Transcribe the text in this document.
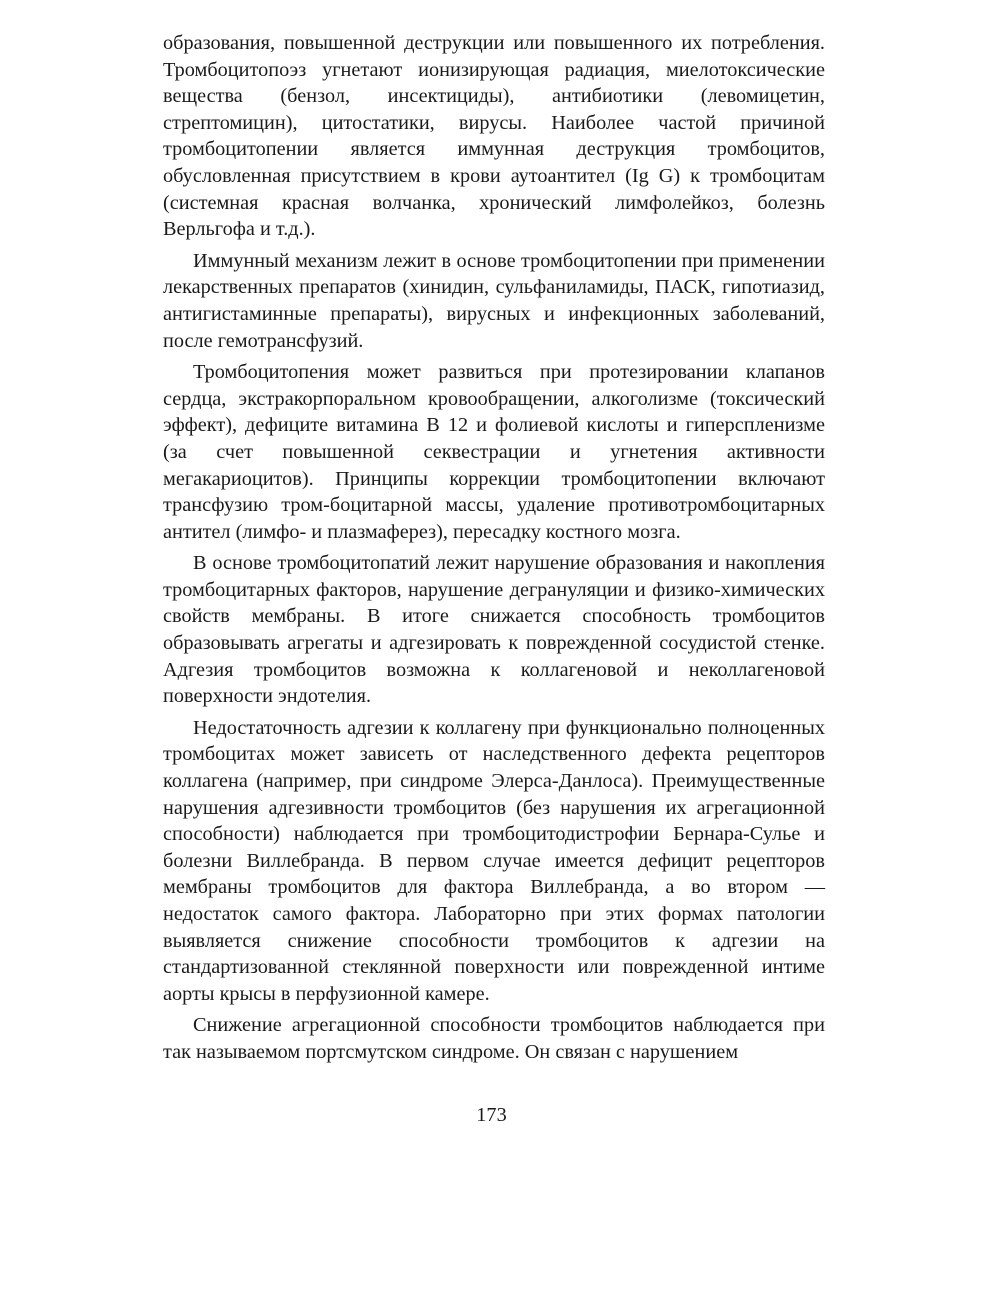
образования, повышенной деструкции или повышенного их потребления. Тромбоцитопоэз угнетают ионизирующая радиация, миелотоксические вещества (бензол, инсектициды), антибиотики (левомицетин, стрептомицин), цитостатики, вирусы. Наиболее частой причиной тромбоцитопении является иммунная деструкция тромбоцитов, обусловленная присутствием в крови аутоантител (Ig G) к тромбоцитам (системная красная волчанка, хронический лимфолейкоз, болезнь Верльгофа и т.д.).

Иммунный механизм лежит в основе тромбоцитопении при применении лекарственных препаратов (хинидин, сульфаниламиды, ПАСК, гипотиазид, антигистаминные препараты), вирусных и инфекционных заболеваний, после гемотрансфузий.

Тромбоцитопения может развиться при протезировании клапанов сердца, экстракорпоральном кровообращении, алкоголизме (токсический эффект), дефиците витамина В 12 и фолиевой кислоты и гиперспленизме (за счет повышенной секвестрации и угнетения активности мегакариоцитов). Принципы коррекции тромбоцитопении включают трансфузию тром-боцитарной массы, удаление противотромбоцитарных антител (лимфо- и плазмаферез), пересадку костного мозга.

В основе тромбоцитопатий лежит нарушение образования и накопления тромбоцитарных факторов, нарушение дегрануляции и физико-химических свойств мембраны. В итоге снижается способность тромбоцитов образовывать агрегаты и адгезировать к поврежденной сосудистой стенке. Адгезия тромбоцитов возможна к коллагеновой и неколлагеновой поверхности эндотелия.

Недостаточность адгезии к коллагену при функционально полноценных тромбоцитах может зависеть от наследственного дефекта рецепторов коллагена (например, при синдроме Элерса-Данлоса). Преимущественные нарушения адгезивности тромбоцитов (без нарушения их агрегационной способности) наблюдается при тромбоцитодистрофии Бернара-Сулье и болезни Виллебранда. В первом случае имеется дефицит рецепторов мембраны тромбоцитов для фактора Виллебранда, а во втором — недостаток самого фактора. Лабораторно при этих формах патологии выявляется снижение способности тромбоцитов к адгезии на стандартизованной стеклянной поверхности или поврежденной интиме аорты крысы в перфузионной камере.

Снижение агрегационной способности тромбоцитов наблюдается при так называемом портсмутском синдроме. Он связан с нарушением

173
